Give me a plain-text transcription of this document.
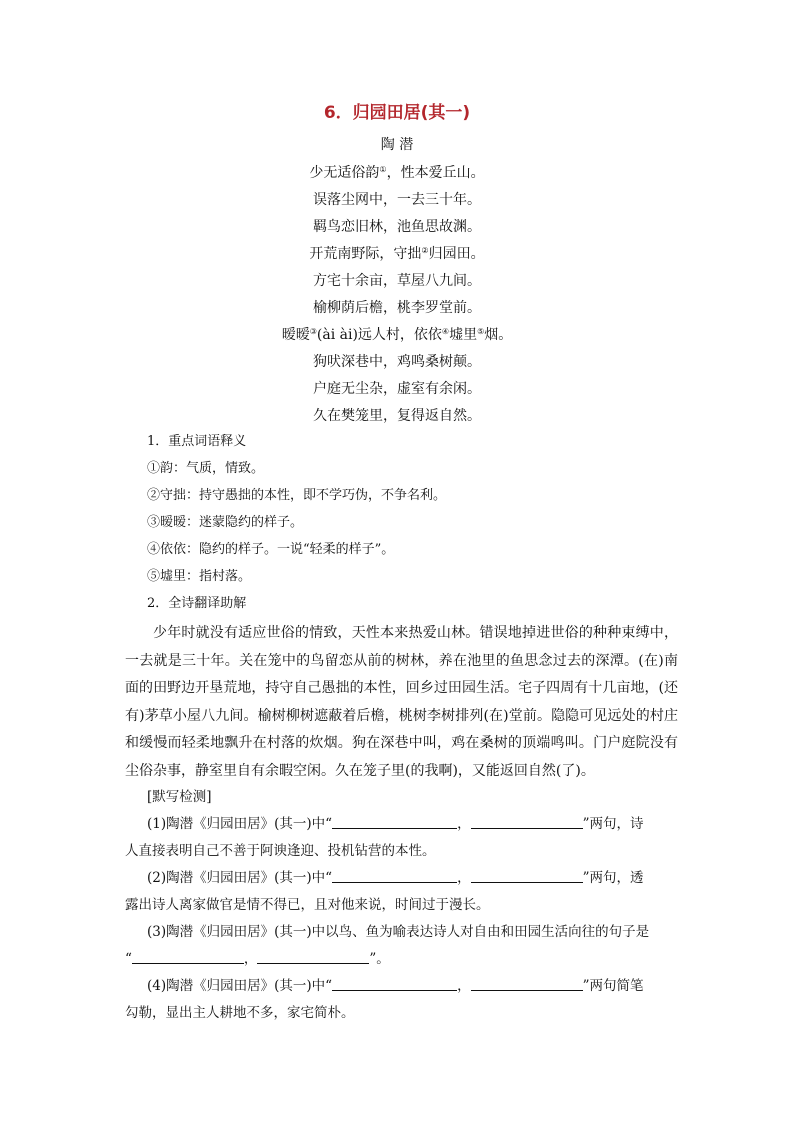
6．归园田居(其一)
陶 潜
少无适俗韵①，性本爱丘山。
误落尘网中，一去三十年。
羁鸟恋旧林，池鱼思故渊。
开荒南野际，守拙②归园田。
方宅十余亩，草屋八九间。
榆柳荫后檐，桃李罗堂前。
暧暧③(ài ài)远人村，依依④墟里⑤烟。
狗吠深巷中，鸡鸣桑树颠。
户庭无尘杂，虚室有余闲。
久在樊笼里，复得返自然。
1．重点词语释义
①韵：气质，情致。
②守拙：持守愚拙的本性，即不学巧伪，不争名利。
③暧暧：迷蒙隐约的样子。
④依依：隐约的样子。一说“轻柔的样子”。
⑤墟里：指村落。
2．全诗翻译助解
少年时就没有适应世俗的情致，天性本来热爱山林。错误地掉进世俗的种种束缚中，一去就是三十年。关在笼中的鸟留恋从前的树林，养在池里的鱼思念过去的深潭。(在)南面的田野边开垦荒地，持守自己愚拙的本性，回乡过田园生活。宅子四周有十几亩地，(还有)茅草小屋八九间。榆树柳树遮蔽着后檐，桃树李树排列(在)堂前。隐隐可见远处的村庄和缓慢而轻柔地飘升在村落的炊烟。狗在深巷中叫，鸡在桑树的顶端鸣叫。门户庭院没有尘俗杂事，静室里自有余暇空闲。久在笼子里(的我啊)，又能返回自然(了)。
[默写检测]
(1)陶潜《归园田居》(其一)中“	，	”两句，诗
人直接表明自己不善于阿谀逢迎、投机钻营的本性。
(2)陶潜《归园田居》(其一)中“	，	”两句，透
露出诗人离家做官是情不得已，且对他来说，时间过于漫长。
(3)陶潜《归园田居》(其一)中以鸟、鱼为喻表达诗人对自由和田园生活向往的句子是
“	，	”。
(4)陶潜《归园田居》(其一)中“	，	”两句简笔
勾勒，显出主人耕地不多，家宅简朴。
